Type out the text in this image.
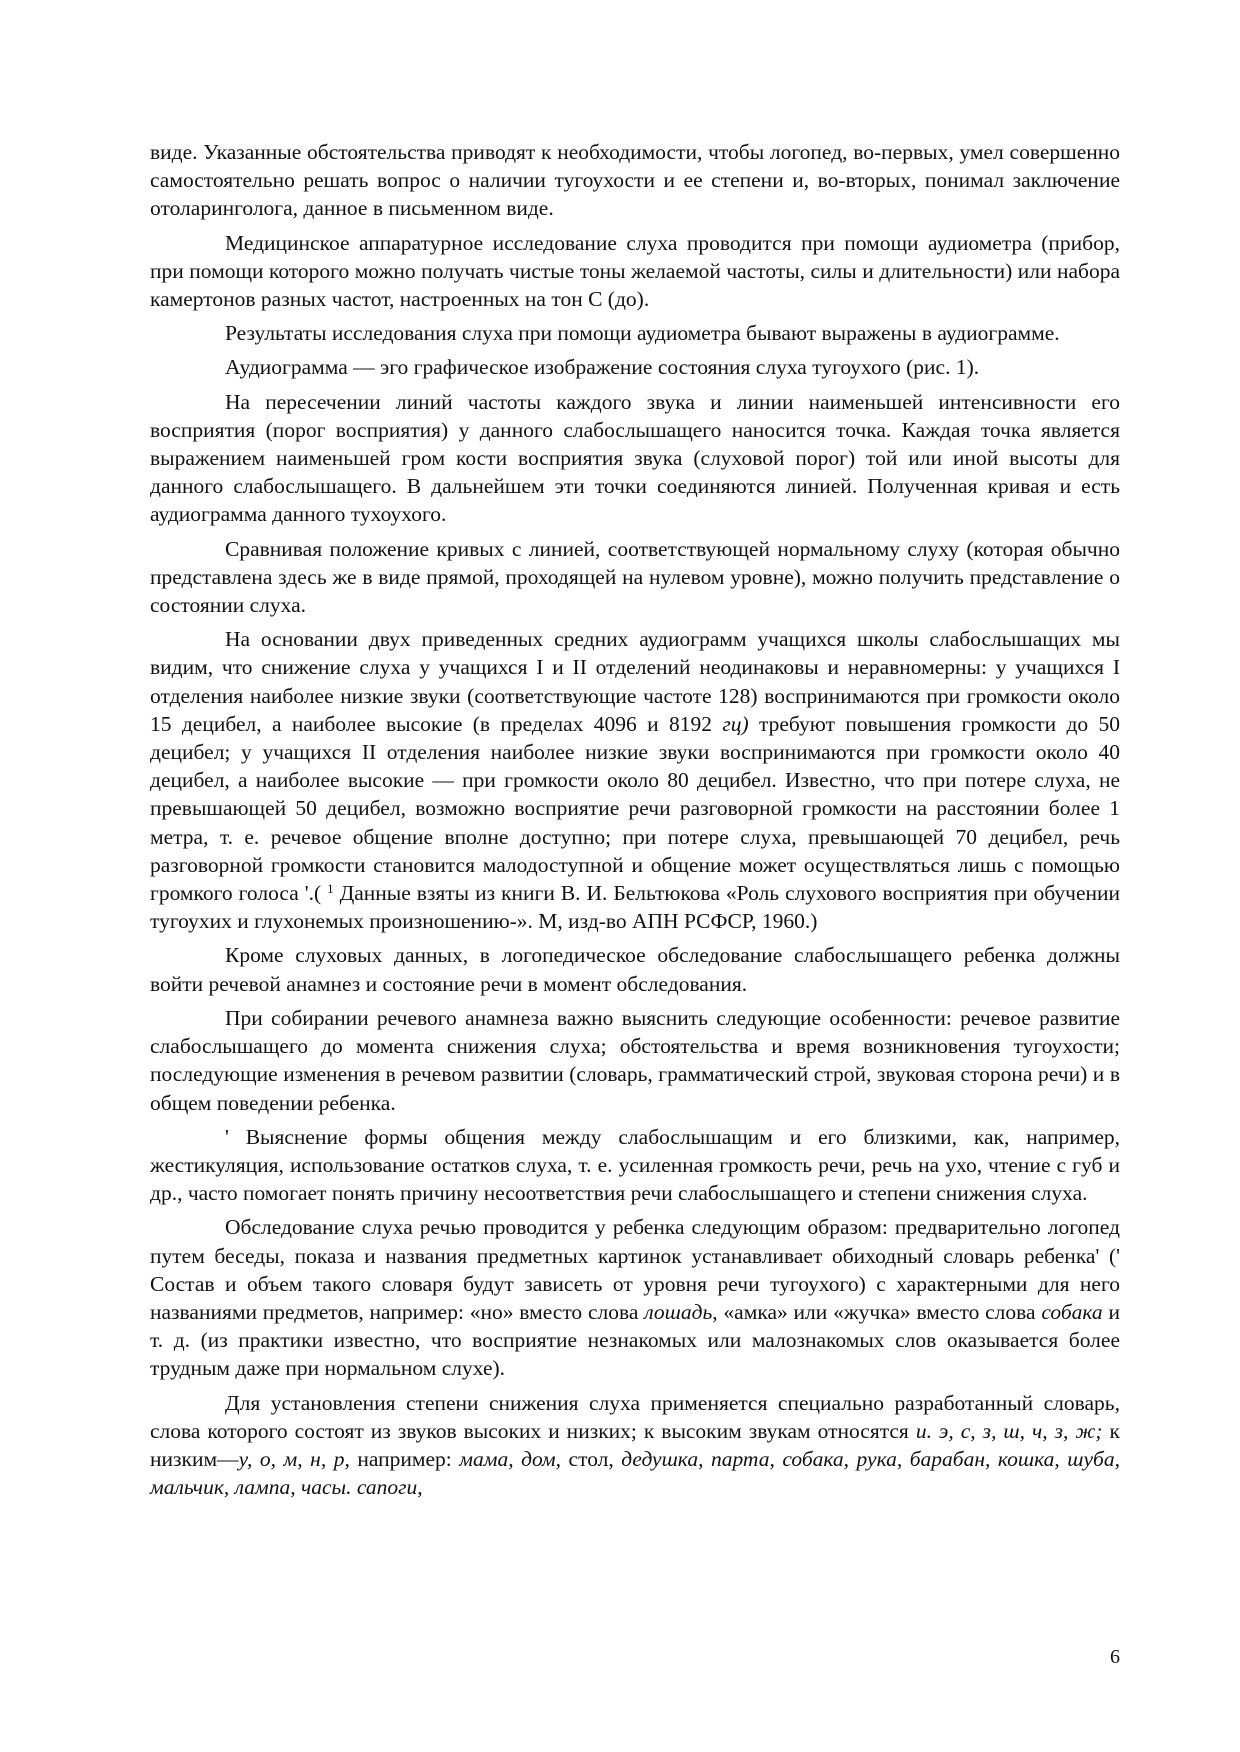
виде. Указанные обстоятельства приводят к необходимости, чтобы логопед, во-первых, умел совершенно самостоятельно решать вопрос о наличии тугоухости и ее степени и, во-вторых, понимал заключение отоларинголога, данное в письменном виде.

Медицинское аппаратурное исследование слуха проводится при помощи аудиометра (прибор, при помощи которого можно получать чистые тоны желаемой частоты, силы и длительности) или набора камертонов разных частот, настроенных на тон С (до).

Результаты исследования слуха при помощи аудиометра бывают выражены в аудиограмме.

Аудиограмма — эго графическое изображение состояния слуха тугоухого (рис. 1).

На пересечении линий частоты каждого звука и линии наименьшей интенсивности его восприятия (порог восприятия) у данного слабослышащего наносится точка. Каждая точка является выражением наименьшей гром кости восприятия звука (слуховой порог) той или иной высоты для данного слабослышащего. В дальнейшем эти точки соединяются линией. Полученная кривая и есть аудиограмма данного тухоухого.

Сравнивая положение кривых с линией, соответствующей нормальному слуху (которая обычно представлена здесь же в виде прямой, проходящей на нулевом уровне), можно получить представление о состоянии слуха.

На основании двух приведенных средних аудиограмм учащихся школы слабослышащих мы видим, что снижение слуха у учащихся I и II отделений неодинаковы и неравномерны: у учащихся I отделения наиболее низкие звуки (соответствующие частоте 128) воспринимаются при громкости около 15 децибел, а наиболее высокие (в пределах 4096 и 8192 гц) требуют повышения громкости до 50 децибел; у учащихся II отделения наиболее низкие звуки воспринимаются при громкости около 40 децибел, а наиболее высокие — при громкости около 80 децибел. Известно, что при потере слуха, не превышающей 50 децибел, возможно восприятие речи разговорной громкости на расстоянии более 1 метра, т. е. речевое общение вполне доступно; при потере слуха, превышающей 70 децибел, речь разговорной громкости становится малодоступной и общение может осуществляться лишь с помощью громкого голоса '.( $^1$ Данные взяты из книги В. И. Бельтюкова «Роль слухового восприятия при обучении тугоухих и глухонемых произношению-». М, изд-во АПН РСФСР, 1960.)

Кроме слуховых данных, в логопедическое обследование слабослышащего ребенка должны войти речевой анамнез и состояние речи в момент обследования.

При собирании речевого анамнеза важно выяснить следующие особенности: речевое развитие слабослышащего до момента снижения слуха; обстоятельства и время возникновения тугоухости; последующие изменения в речевом развитии (словарь, грамматический строй, звуковая сторона речи) и в общем поведении ребенка.

' Выяснение формы общения между слабослышащим и его близкими, как, например, жестикуляция, использование остатков слуха, т. е. усиленная громкость речи, речь на ухо, чтение с губ и др., часто помогает понять причину несоответствия речи слабослышащего и степени снижения слуха.

Обследование слуха речью проводится у ребенка следующим образом: предварительно логопед путем беседы, показа и названия предметных картинок устанавливает обиходный словарь ребенка' (' Состав и объем такого словаря будут зависеть от уровня речи тугоухого) с характерными для него названиями предметов, например: «но» вместо слова лошадь, «амка» или «жучка» вместо слова собака и т. д. (из практики известно, что восприятие незнакомых или малознакомых слов оказывается более трудным даже при нормальном слухе).

Для установления степени снижения слуха применяется специально разработанный словарь, слова которого состоят из звуков высоких и низких; к высоким звукам относятся и. э, с, з, ш, ч, з, ж; к низким—у, о, м, н, р, например: мама, дом, стол, дедушка, парта, собака, рука, барабан, кошка, шуба, мальчик, лампа, часы. сапоги,

6
